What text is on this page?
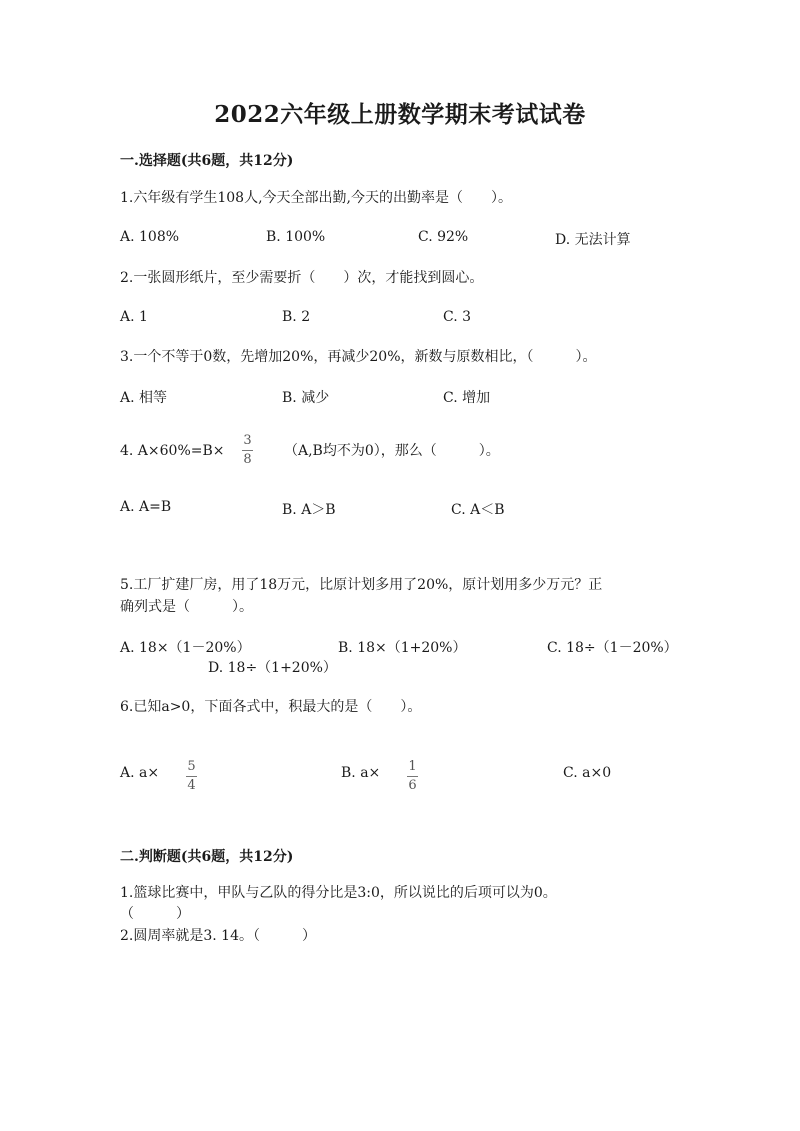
2022六年级上册数学期末考试试卷
一.选择题(共6题，共12分)
1.六年级有学生108人,今天全部出勤,今天的出勤率是（　　）。
A. 108%	B. 100%	C. 92%	D. 无法计算
2.一张圆形纸片，至少需要折（　　）次，才能找到圆心。
A. 1	B. 2	C. 3
3.一个不等于0数，先增加20%，再减少20%，新数与原数相比，（　　　）。
A. 相等	B. 减少	C. 增加
4. A×60%=B×
3
8
（A,B均不为0），那么（　　　）。
A. A=B	B. A＞B	C. A＜B
5.工厂扩建厂房，用了18万元，比原计划多用了20%，原计划用多少万元？正
确列式是（　　　）。
A. 18×（1－20%）	B. 18×（1+20%）	C. 18÷（1－20%）
D. 18÷（1+20%）
6.已知a>0，下面各式中，积最大的是（　　）。
A. a× 5
4
B. a× 1
6
C. a×0
二.判断题(共6题，共12分)
1.篮球比赛中，甲队与乙队的得分比是3:0，所以说比的后项可以为0。
（　　　）
2.圆周率就是3. 14。（　　　）
